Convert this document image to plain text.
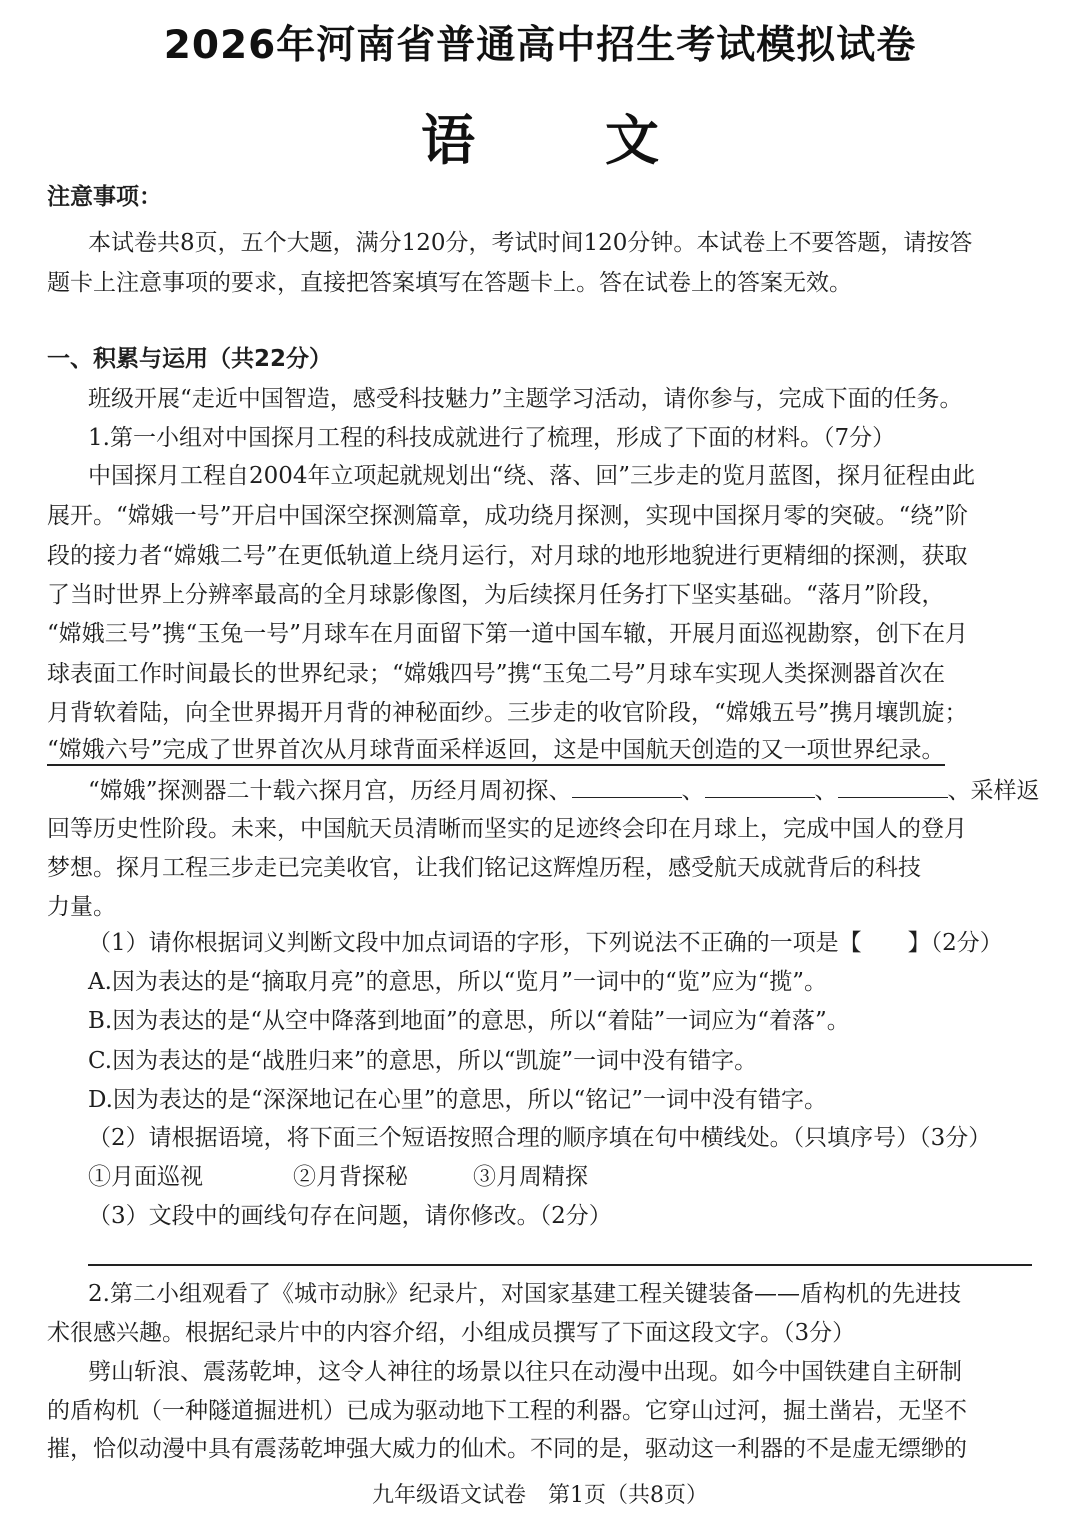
2026年河南省普通高中招生考试模拟试卷
语文
注意事项：
本试卷共8页，五个大题，满分120分，考试时间120分钟。本试卷上不要答题，请按答
题卡上注意事项的要求，直接把答案填写在答题卡上。答在试卷上的答案无效。
一、积累与运用（共22分）
班级开展“走近中国智造，感受科技魅力”主题学习活动，请你参与，完成下面的任务。
1.第一小组对中国探月工程的科技成就进行了梳理，形成了下面的材料。（7分）
中国探月工程自2004年立项起就规划出“绕、落、回”三步走的览月蓝图，探月征程由此
展开。“嫦娥一号”开启中国深空探测篇章，成功绕月探测，实现中国探月零的突破。“绕”阶
段的接力者“嫦娥二号”在更低轨道上绕月运行，对月球的地形地貌进行更精细的探测，获取
了当时世界上分辨率最高的全月球影像图，为后续探月任务打下坚实基础。“落月”阶段，
“嫦娥三号”携“玉兔一号”月球车在月面留下第一道中国车辙，开展月面巡视勘察，创下在月
球表面工作时间最长的世界纪录；“嫦娥四号”携“玉兔二号”月球车实现人类探测器首次在
月背软着陆，向全世界揭开月背的神秘面纱。三步走的收官阶段，“嫦娥五号”携月壤凯旋；
“嫦娥六号”完成了世界首次从月球背面采样返回，这是中国航天创造的又一项世界纪录。
“嫦娥”探测器二十载六探月宫，历经月周初探、	、	、	、采样返
回等历史性阶段。未来，中国航天员清晰而坚实的足迹终会印在月球上，完成中国人的登月
梦想。探月工程三步走已完美收官，让我们铭记这辉煌历程，感受航天成就背后的科技
力量。
（1）请你根据词义判断文段中加点词语的字形，下列说法不正确的一项是【　　】（2分）
A.因为表达的是“摘取月亮”的意思，所以“览月”一词中的“览”应为“揽”。
B.因为表达的是“从空中降落到地面”的意思，所以“着陆”一词应为“着落”。
C.因为表达的是“战胜归来”的意思，所以“凯旋”一词中没有错字。
D.因为表达的是“深深地记在心里”的意思，所以“铭记”一词中没有错字。
（2）请根据语境，将下面三个短语按照合理的顺序填在句中横线处。（只填序号）（3分）
①月面巡视	②月背探秘	③月周精探
（3）文段中的画线句存在问题，请你修改。（2分）
2.第二小组观看了《城市动脉》纪录片，对国家基建工程关键装备——盾构机的先进技
术很感兴趣。根据纪录片中的内容介绍，小组成员撰写了下面这段文字。（3分）
劈山斩浪、震荡乾坤，这令人神往的场景以往只在动漫中出现。如今中国铁建自主研制
的盾构机（一种隧道掘进机）已成为驱动地下工程的利器。它穿山过河，掘土凿岩，无坚不
摧，恰似动漫中具有震荡乾坤强大威力的仙术。不同的是，驱动这一利器的不是虚无缥缈的
九年级语文试卷　第1页（共8页）
